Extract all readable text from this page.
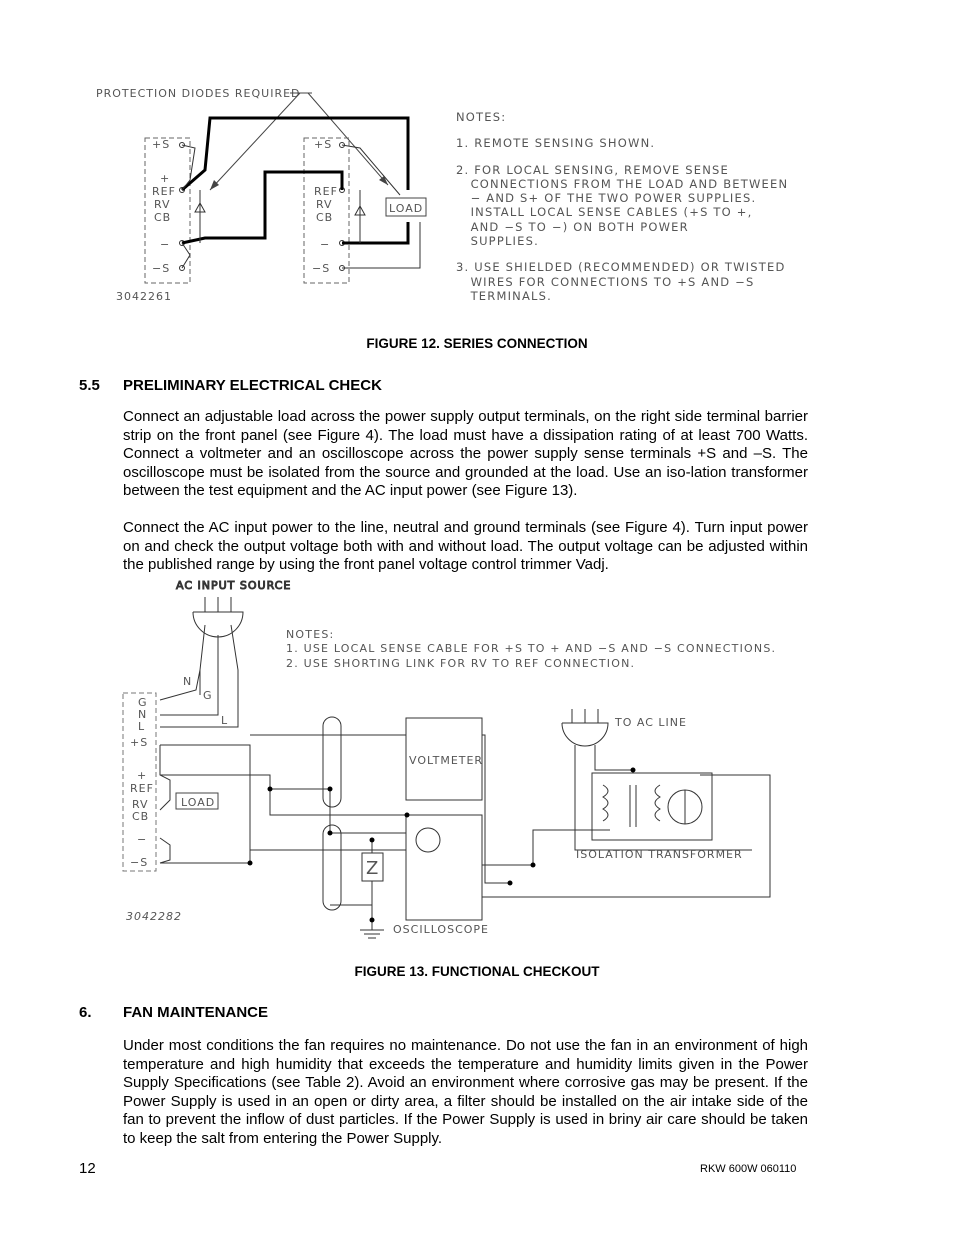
PROTECTION DIODES REQUIRED
+S
+
REF
RV
CB
−
−S
+S
REF
RV
CB
−
−S
LOAD
3042261
NOTES:
1. REMOTE SENSING SHOWN.
2. FOR LOCAL SENSING, REMOVE SENSE
CONNECTIONS FROM THE LOAD AND BETWEEN
− AND S+ OF THE TWO POWER SUPPLIES.
INSTALL LOCAL SENSE CABLES (+S TO +,
AND −S TO −) ON BOTH POWER
SUPPLIES.
3. USE SHIELDED (RECOMMENDED) OR TWISTED
WIRES FOR CONNECTIONS TO +S AND −S
TERMINALS.
FIGURE 12. SERIES CONNECTION
5.5 PRELIMINARY ELECTRICAL CHECK
Connect an adjustable load across the power supply output terminals, on the right side terminal barrier strip on the front panel (see Figure 4). The load must have a dissipation rating of at least 700 Watts. Connect a voltmeter and an oscilloscope across the power supply sense terminals +S and –S. The oscilloscope must be isolated from the source and grounded at the load. Use an iso-lation transformer between the test equipment and the AC input power (see Figure 13).
Connect the AC input power to the line, neutral and ground terminals (see Figure 4). Turn input power on and check the output voltage both with and without load. The output voltage can be adjusted within the published range by using the front panel voltage control trimmer Vadj.
AC INPUT SOURCE
G
N
L
+S
+
REF
RV
CB
−
−S
N
G
L
LOAD
VOLTMETER
OSCILLOSCOPE
TO AC LINE
ISOLATION TRANSFORMER
Z
3042282
NOTES:
1. USE LOCAL SENSE CABLE FOR +S TO + AND −S AND −S CONNECTIONS.
2. USE SHORTING LINK FOR RV TO REF CONNECTION.
FIGURE 13. FUNCTIONAL CHECKOUT
6. FAN MAINTENANCE
Under most conditions the fan requires no maintenance. Do not use the fan in an environment of high temperature and high humidity that exceeds the temperature and humidity limits given in the Power Supply Specifications (see Table 2). Avoid an environment where corrosive gas may be present. If the Power Supply is used in an open or dirty area, a filter should be installed on the air intake side of the fan to prevent the inflow of dust particles. If the Power Supply is used in briny air care should be taken to keep the salt from entering the Power Supply.
12	RKW 600W 060110
